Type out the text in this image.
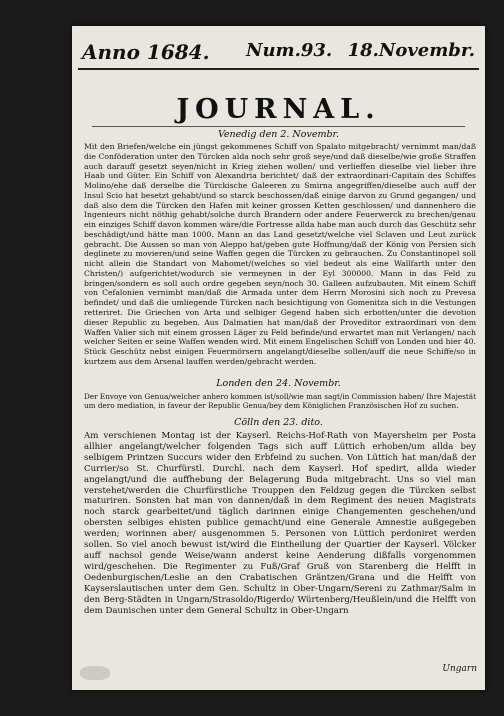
Anno 1684. Num.93. 18.Novembr.
JOURNAL.
Venedig den 2. Novembr.
Mit den Briefen/welche ein jüngst gekommenes Schiff von Spalato mitgebracht/ vernimmt man/daß die Conföderation unter den Türcken alda noch sehr groß seye/und daß dieselbe/wie große Straffen auch darauff gesetzt seyen/nicht in Krieg ziehen wollen/ und verlieffen dieselbe viel lieber ihre Haab und Güter. Ein Schiff von Alexandria berichtet/ daß der extraordinari-Capitain des Schiffes Molino/ehe daß derselbe die Türckische Galeeren zu Smirna angegriffen/dieselbe auch auff der Insul Scio hat besetzt gehabt/und so starck beschossen/daß einige darvon zu Grund gegangen/ und daß also dem die Türcken den Hafen mit keiner grossen Ketten geschlossen/ und dannenhero die Ingenieurs nicht nöthig gehabt/solche durch Brandern oder andere Feuerwerck zu brechen/genau ein einziges Schiff davon kommen wäre/die Fortresse allda habe man auch durch das Geschütz sehr beschädigt/und hätte man 1000. Mann an das Land gesetzt/welche viel Sclaven und Leut zurück gebracht. Die Aussen so man von Aleppo hat/geben gute Hoffnung/daß der König von Persien sich deglinete zu movieren/und seine Waffen gegen die Türcken zu gebrauchen. Zu Constantinopel soll nicht allein die Standart von Mahomet/(welches so viel bedeut als eine Wallfarth unter den Christen/) aufgerichtet/wodurch sie vermeynen in der Eyl 300000. Mann in das Feld zu bringen/sondern es soll auch ordre gegeben seyn/noch 30. Galleen aufzubauten. Mit einem Schiff von Cefalonien vernimbt man/daß die Armada unter dem Herrn Morosini sich noch zu Prevesa befindet/ und daß die umliegende Türcken nach besichtigung von Gomenitza sich in die Vestungen retteriret. Die Griechen von Arta und selbiger Gegend haben sich erbotten/unter die devotion dieser Republic zu begeben. Aus Dalmatien hat man/daß der Proveditor extraordinari von dem Waffen Valier sich mit einem grossen Läger zu Feld befinde/und erwartet man mit Verlangen/ nach welcher Seiten er seine Waffen wenden wird. Mit einem Engelischen Schiff von Londen und hier 40. Stück Geschütz nebst einigen Feuermörsern angelangt/dieselbe sollen/auff die neue Schiffe/so in kurtzem aus dem Arsenal lauffen werden/gebracht werden.
Londen den 24. Novembr.
Der Envoye von Genua/welcher anhero kommen ist/soll/wie man sagt/in Commission haben/ Ihre Majestät um dero mediation, in faveur der Republic Genua/bey dem Königlichen Französischen Hof zu suchen.
Cölln den 23. dito.
Am verschienen Montag ist der Kayserl. Reichs-Hof-Rath von Mayersheim per Posta allhier angelangt/welcher folgenden Tags sich auff Lüttich erhoben/um allda bey selbigem Printzen Succurs wider den Erbfeind zu suchen. Von Lüttich hat man/daß der Currier/so St. Churfürstl. Durchl. nach dem Kayserl. Hof spedirt, allda wieder angelangt/und die auffhebung der Belagerung Buda mitgebracht. Uns so viel man verstehet/werden die Churfürstliche Trouppen den Feldzug gegen die Türcken selbst maturiren. Sonsten hat man von dannen/daß in dem Regiment des neuen Magistrats noch starck gearbeitet/und täglich darinnen einige Changementen geschehen/und obersten selbiges ehisten publice gemacht/und eine Generale Amnestie außgegeben werden; worinnen aber/ ausgenommen 5. Personen von Lüttich perdoniret werden sollen. So viel anoch bewust ist/wird die Eintheilung der Quartier der Kayserl. Völcker auff nachsol gende Weise/wann anderst keine Aenderung dißfalls vorgenommen wird/geschehen. Die Regimenter zu Fuß/Graf Gruß von Starenberg die Helfft in Oedenburgischen/Leslie an den Crabatischen Gräntzen/Grana und die Helfft von Kayserslautischen unter dem Gen. Schultz in Ober-Ungarn/Sereni zu Zathmar/Salm in den Berg-Städten in Ungarn/Strasoldo/Rigerdo/ Würtenberg/Heußlein/und die Helfft von dem Daunischen unter dem General Schultz in Ober-Ungarn
Ungarn
